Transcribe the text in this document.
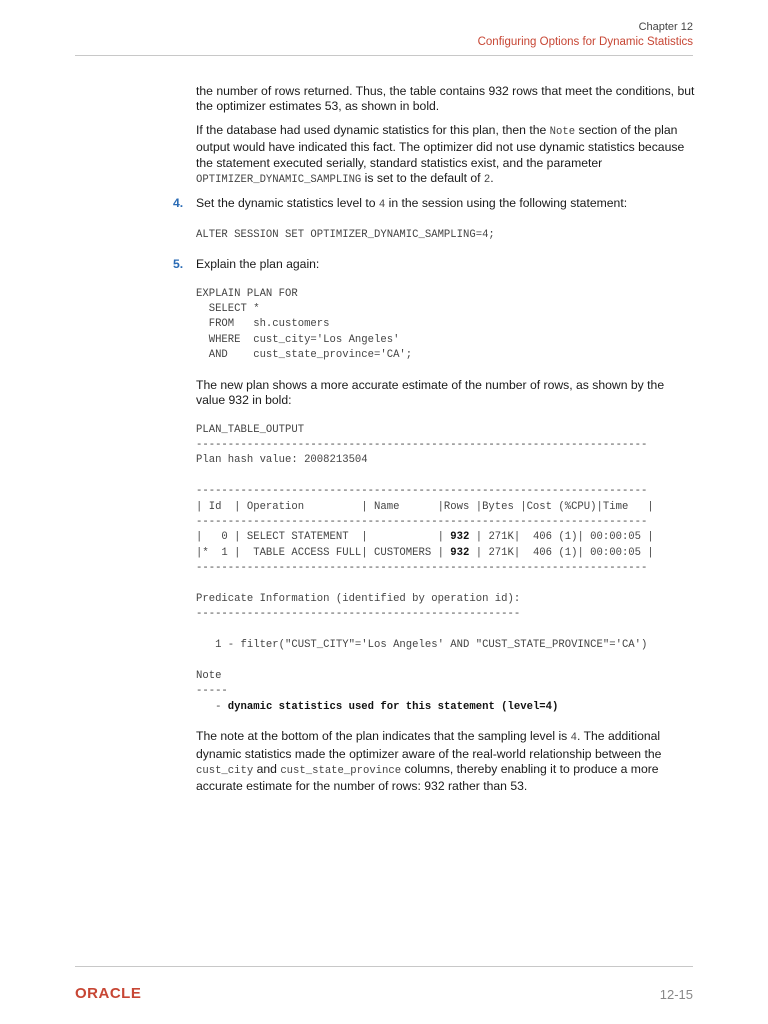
Chapter 12
Configuring Options for Dynamic Statistics

the number of rows returned. Thus, the table contains 932 rows that meet the conditions, but the optimizer estimates 53, as shown in bold.

If the database had used dynamic statistics for this plan, then the Note section of the plan output would have indicated this fact. The optimizer did not use dynamic statistics because the statement executed serially, standard statistics exist, and the parameter OPTIMIZER_DYNAMIC_SAMPLING is set to the default of 2.

4. Set the dynamic statistics level to 4 in the session using the following statement:
ALTER SESSION SET OPTIMIZER_DYNAMIC_SAMPLING=4;
5. Explain the plan again:
EXPLAIN PLAN FOR
SELECT *
FROM   sh.customers
WHERE  cust_city='Los Angeles'
AND    cust_state_province='CA';

The new plan shows a more accurate estimate of the number of rows, as shown by the value 932 in bold:

PLAN_TABLE_OUTPUT
-----------------------------------------------------------------------
Plan hash value: 2008213504

-----------------------------------------------------------------------
| Id  | Operation         | Name      |Rows |Bytes |Cost (%CPU)|Time   |
-----------------------------------------------------------------------
|   0 | SELECT STATEMENT  |           | 932 | 271K|  406 (1)| 00:00:05 |
|*  1 |  TABLE ACCESS FULL| CUSTOMERS | 932 | 271K|  406 (1)| 00:00:05 |
-----------------------------------------------------------------------

Predicate Information (identified by operation id):
---------------------------------------------------

1 - filter("CUST_CITY"='Los Angeles' AND "CUST_STATE_PROVINCE"='CA')

Note
-----
- dynamic statistics used for this statement (level=4)

The note at the bottom of the plan indicates that the sampling level is 4. The additional dynamic statistics made the optimizer aware of the real-world relationship between the cust_city and cust_state_province columns, thereby enabling it to produce a more accurate estimate for the number of rows: 932 rather than 53.

ORACLE	12-15
